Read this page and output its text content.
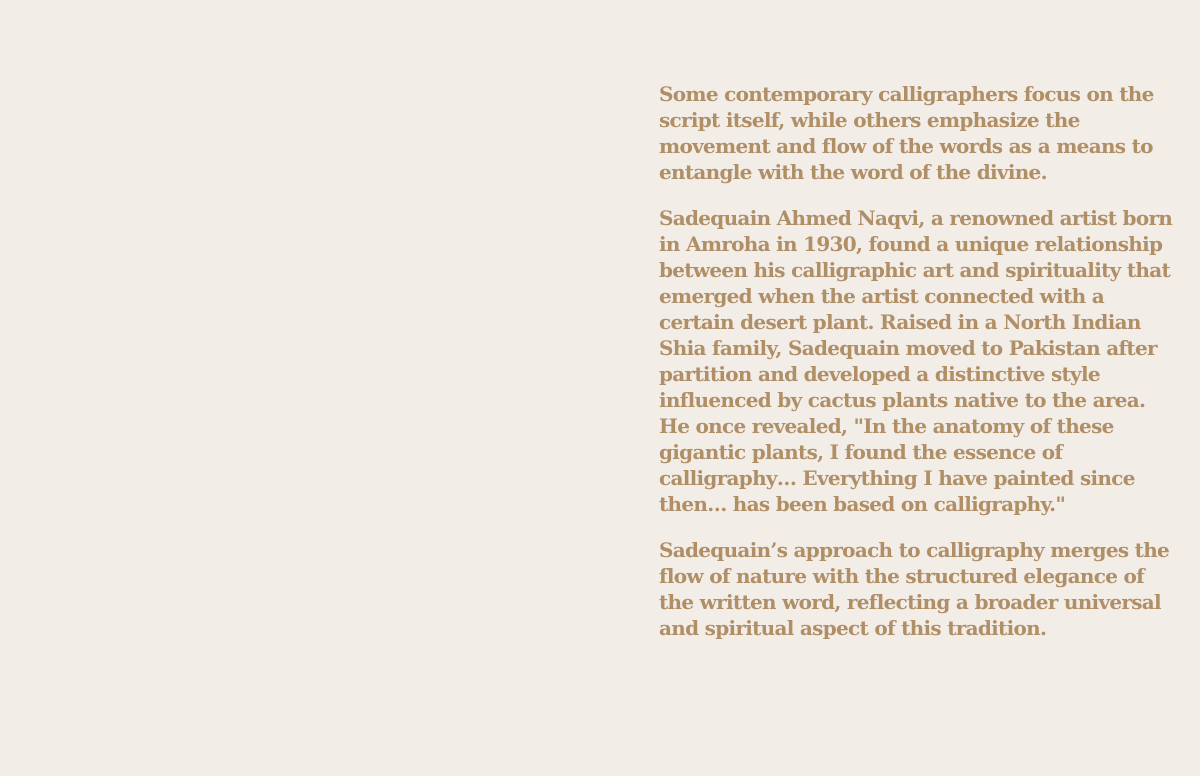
Some contemporary calligraphers focus on the script itself, while others emphasize the movement and flow of the words as a means to entangle with the word of the divine.

Sadequain Ahmed Naqvi, a renowned artist born in Amroha in 1930, found a unique relationship between his calligraphic art and spirituality that emerged when the artist connected with a certain desert plant. Raised in a North Indian Shia family, Sadequain moved to Pakistan after partition and developed a distinctive style influenced by cactus plants native to the area. He once revealed, "In the anatomy of these gigantic plants, I found the essence of calligraphy… Everything I have painted since then… has been based on calligraphy."

Sadequain’s approach to calligraphy merges the flow of nature with the structured elegance of the written word, reflecting a broader universal and spiritual aspect of this tradition.
